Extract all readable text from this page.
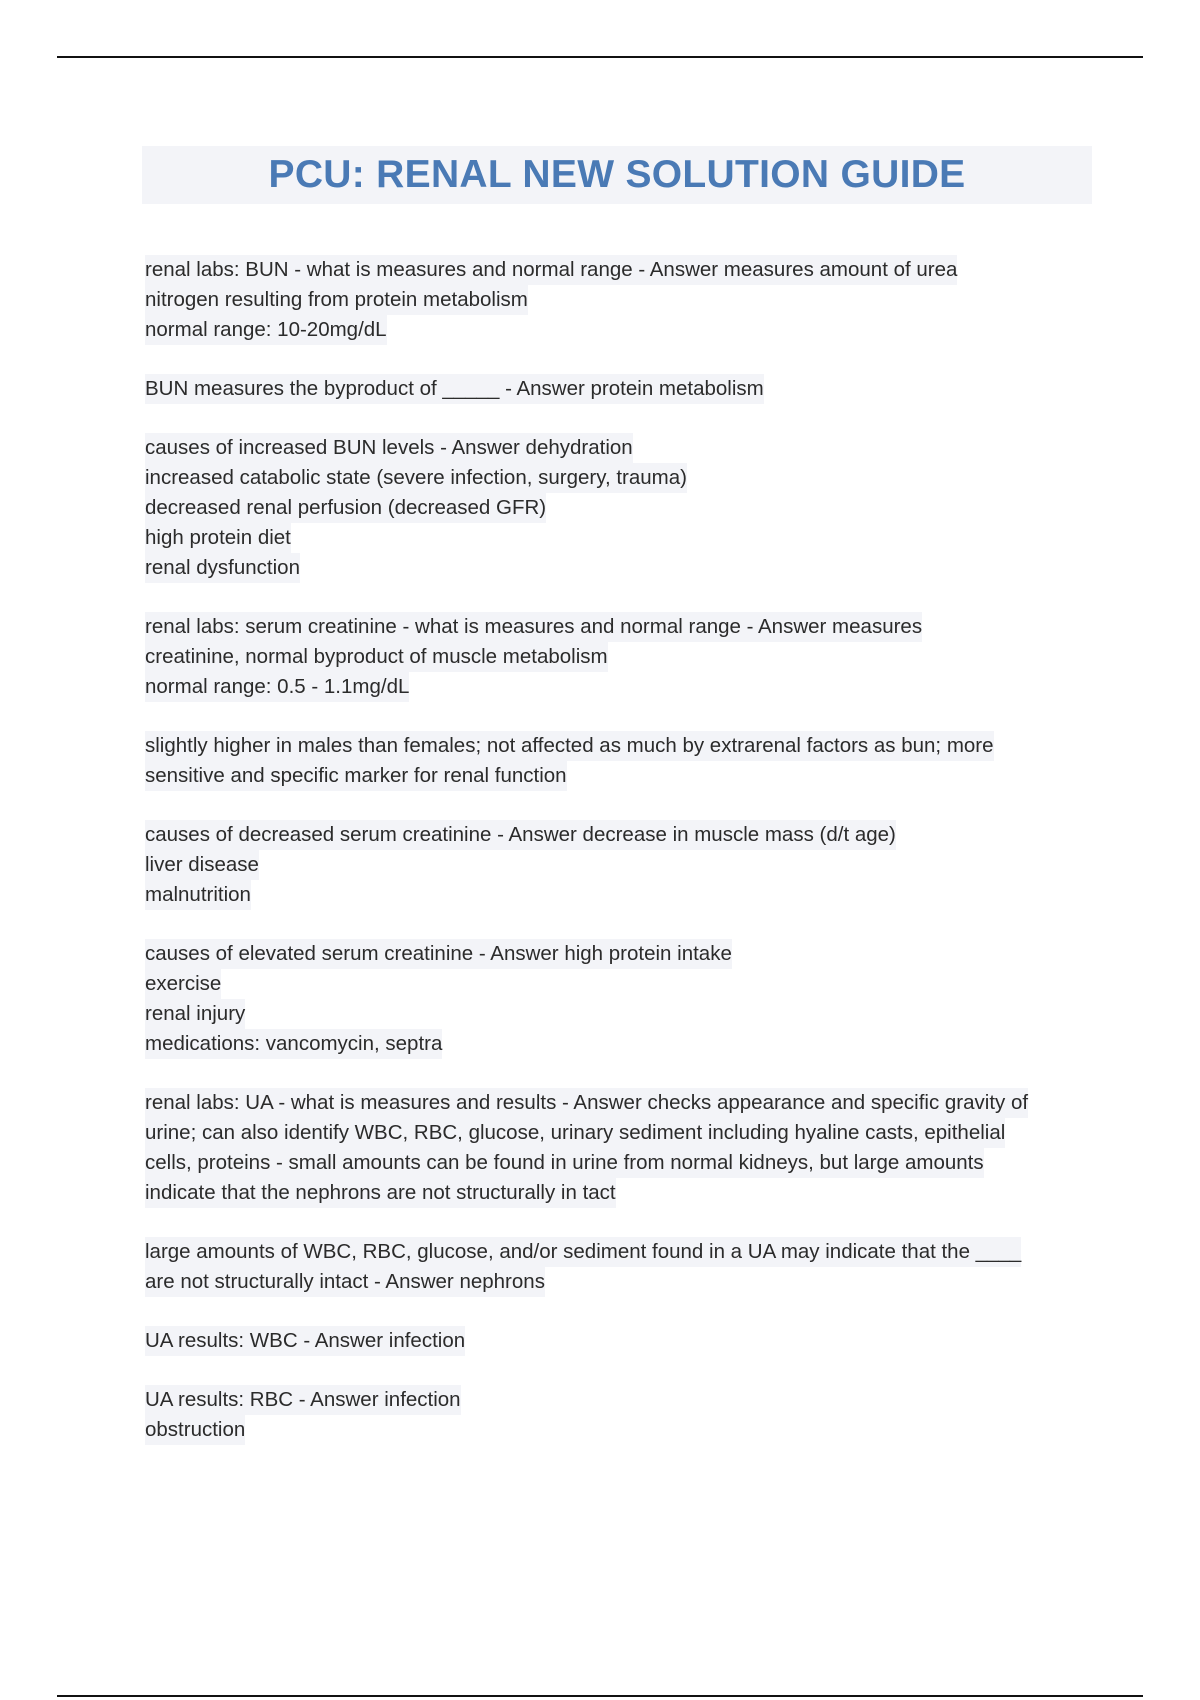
PCU: RENAL NEW SOLUTION GUIDE
renal labs: BUN - what is measures and normal range - Answer measures amount of urea
nitrogen resulting from protein metabolism
normal range: 10-20mg/dL
BUN measures the byproduct of _____ - Answer protein metabolism
causes of increased BUN levels - Answer dehydration
increased catabolic state (severe infection, surgery, trauma)
decreased renal perfusion (decreased GFR)
high protein diet
renal dysfunction
renal labs: serum creatinine - what is measures and normal range - Answer measures
creatinine, normal byproduct of muscle metabolism
normal range: 0.5 - 1.1mg/dL
slightly higher in males than females; not affected as much by extrarenal factors as bun; more
sensitive and specific marker for renal function
causes of decreased serum creatinine - Answer decrease in muscle mass (d/t age)
liver disease
malnutrition
causes of elevated serum creatinine - Answer high protein intake
exercise
renal injury
medications: vancomycin, septra
renal labs: UA - what is measures and results - Answer checks appearance and specific gravity of
urine; can also identify WBC, RBC, glucose, urinary sediment including hyaline casts, epithelial
cells, proteins - small amounts can be found in urine from normal kidneys, but large amounts
indicate that the nephrons are not structurally in tact
large amounts of WBC, RBC, glucose, and/or sediment found in a UA may indicate that the ____
are not structurally intact - Answer nephrons
UA results: WBC - Answer infection
UA results: RBC - Answer infection
obstruction
